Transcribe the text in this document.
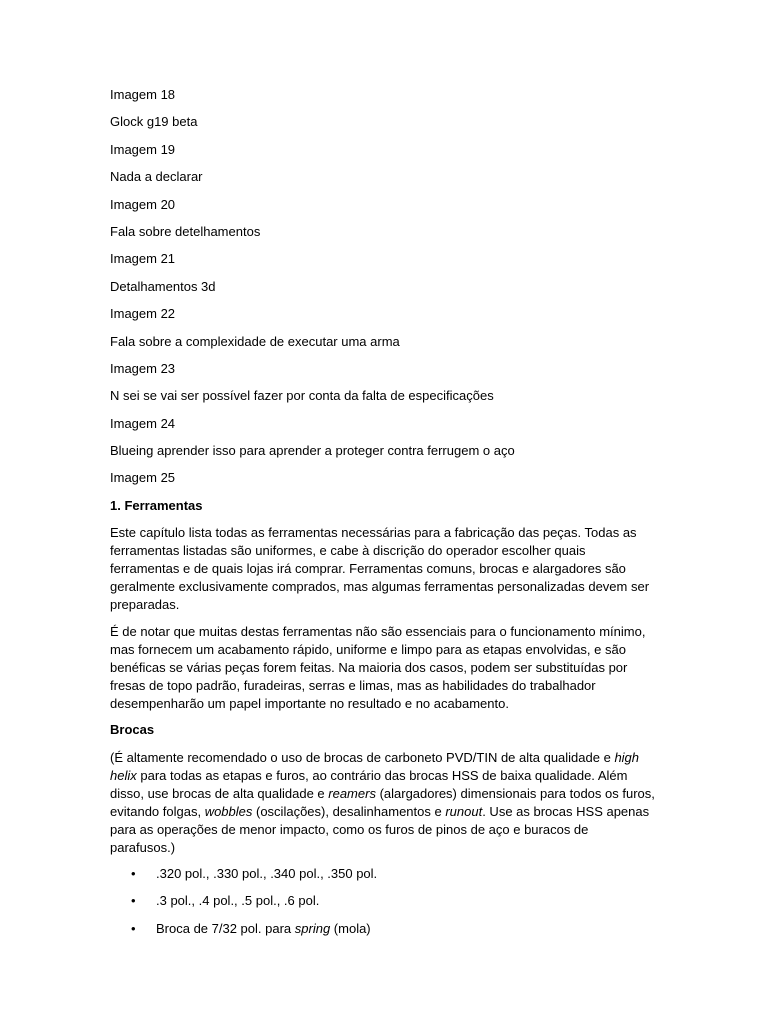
Imagem 18

Glock g19 beta

Imagem 19

Nada a declarar

Imagem 20

Fala sobre detelhamentos

Imagem 21

Detalhamentos 3d

Imagem 22

Fala sobre a complexidade de executar uma arma

Imagem 23

N sei se vai ser possível fazer por conta da falta de especificações

Imagem 24

Blueing aprender isso para aprender a proteger contra ferrugem o aço

Imagem 25

1. Ferramentas

Este capítulo lista todas as ferramentas necessárias para a fabricação das peças. Todas as ferramentas listadas são uniformes, e cabe à discrição do operador escolher quais ferramentas e de quais lojas irá comprar. Ferramentas comuns, brocas e alargadores são geralmente exclusivamente comprados, mas algumas ferramentas personalizadas devem ser preparadas.

É de notar que muitas destas ferramentas não são essenciais para o funcionamento mínimo, mas fornecem um acabamento rápido, uniforme e limpo para as etapas envolvidas, e são benéficas se várias peças forem feitas. Na maioria dos casos, podem ser substituídas por fresas de topo padrão, furadeiras, serras e limas, mas as habilidades do trabalhador desempenharão um papel importante no resultado e no acabamento.

Brocas

(É altamente recomendado o uso de brocas de carboneto PVD/TIN de alta qualidade e high helix para todas as etapas e furos, ao contrário das brocas HSS de baixa qualidade. Além disso, use brocas de alta qualidade e reamers (alargadores) dimensionais para todos os furos, evitando folgas, wobbles (oscilações), desalinhamentos e runout. Use as brocas HSS apenas para as operações de menor impacto, como os furos de pinos de aço e buracos de parafusos.)

• .320 pol., .330 pol., .340 pol., .350 pol.
• .3 pol., .4 pol., .5 pol., .6 pol.
• Broca de 7/32 pol. para spring (mola)
